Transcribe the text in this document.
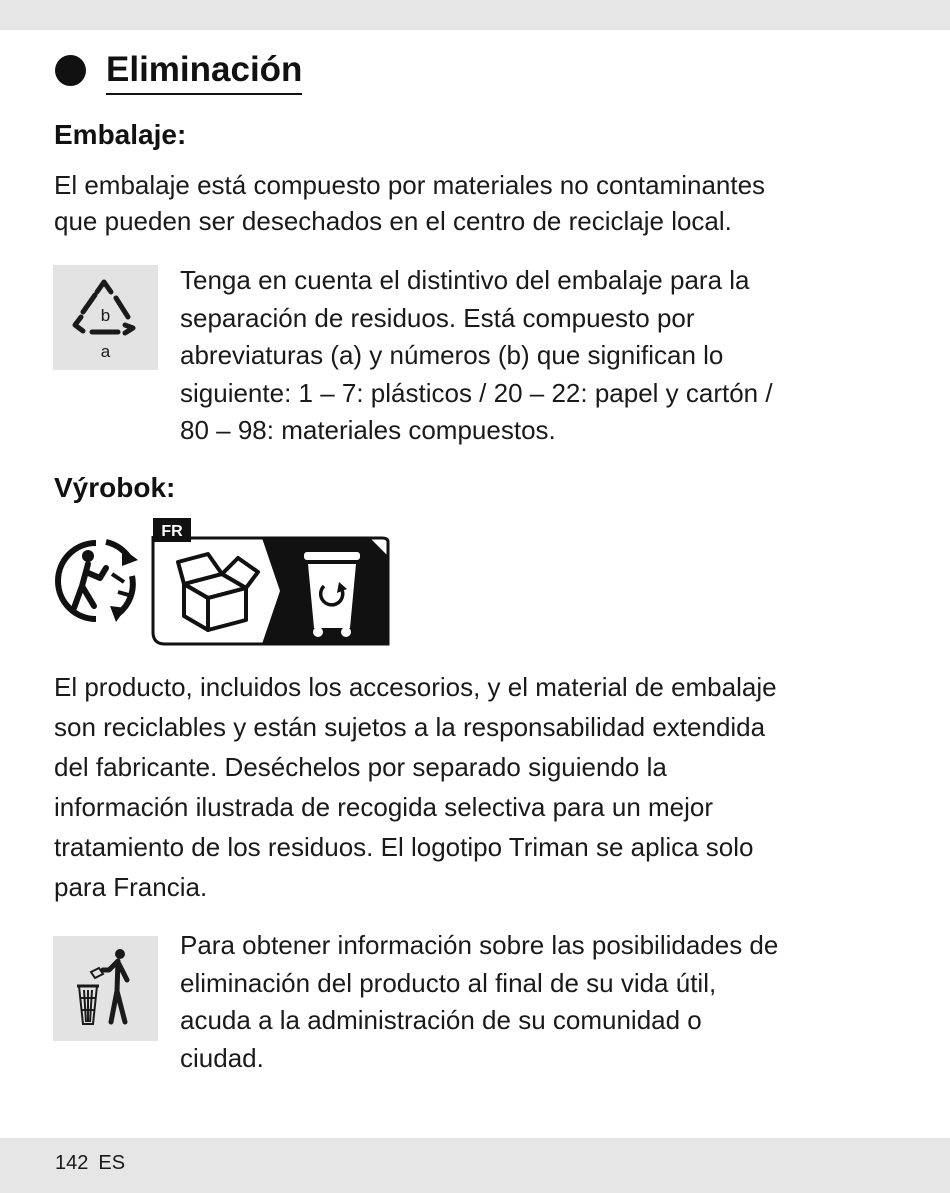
Eliminación
Embalaje:

El embalaje está compuesto por materiales no contaminantes
que pueden ser desechados en el centro de reciclaje local.

b
a

Tenga en cuenta el distintivo del embalaje para la
separación de residuos. Está compuesto por
abreviaturas (a) y números (b) que significan lo
siguiente: 1 – 7: plásticos / 20 – 22: papel y cartón /
80 – 98: materiales compuestos.

Výrobok:
FR

El producto, incluidos los accesorios, y el material de embalaje
son reciclables y están sujetos a la responsabilidad extendida
del fabricante. Deséchelos por separado siguiendo la
información ilustrada de recogida selectiva para un mejor
tratamiento de los residuos. El logotipo Triman se aplica solo
para Francia.

Para obtener información sobre las posibilidades de
eliminación del producto al final de su vida útil,
acuda a la administración de su comunidad o
ciudad.

142 ES
